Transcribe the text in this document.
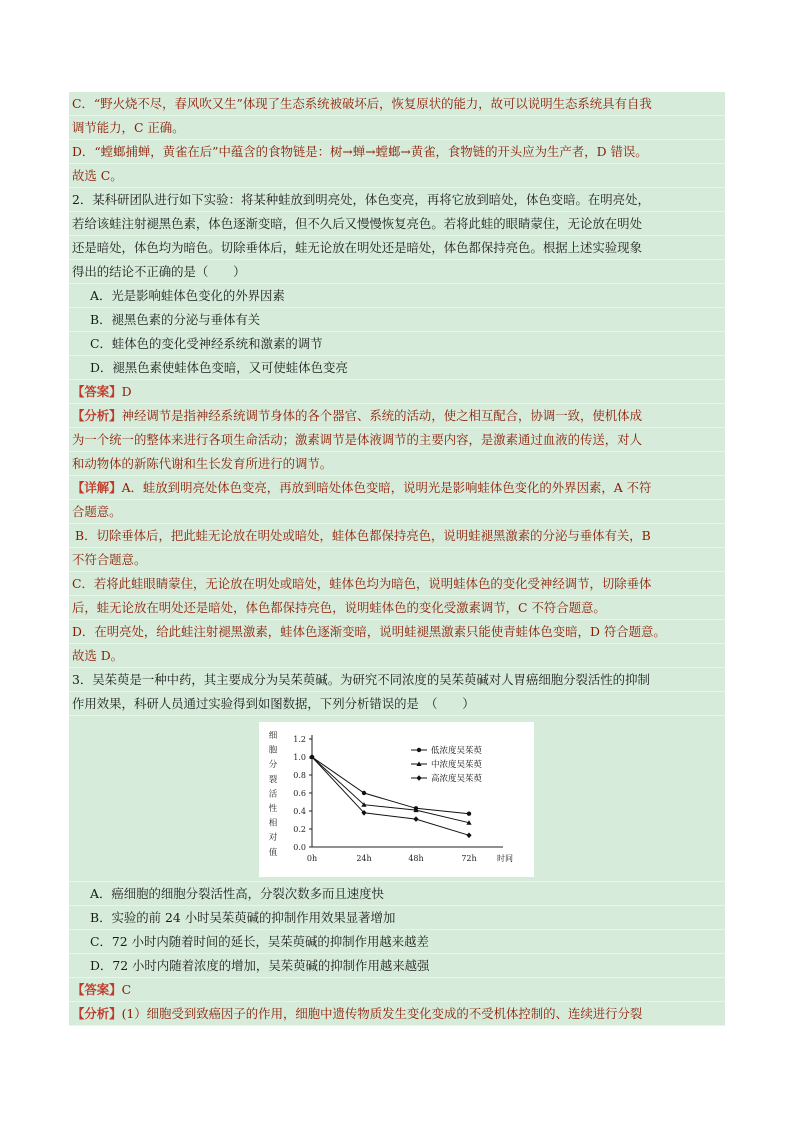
C．“野火烧不尽，春风吹又生”体现了生态系统被破坏后，恢复原状的能力，故可以说明生态系统具有自我
调节能力，C 正确。
D．“螳螂捕蝉，黄雀在后”中蕴含的食物链是：树→蝉→螳螂→黄雀，食物链的开头应为生产者，D 错误。
故选 C。
2．某科研团队进行如下实验：将某种蛙放到明亮处，体色变亮，再将它放到暗处，体色变暗。在明亮处，
若给该蛙注射褪黑色素，体色逐渐变暗，但不久后又慢慢恢复亮色。若将此蛙的眼睛蒙住，无论放在明处
还是暗处，体色均为暗色。切除垂体后，蛙无论放在明处还是暗处，体色都保持亮色。根据上述实验现象
得出的结论不正确的是（　　）
A．光是影响蛙体色变化的外界因素
B．褪黑色素的分泌与垂体有关
C．蛙体色的变化受神经系统和激素的调节
D．褪黑色素使蛙体色变暗，又可使蛙体色变亮
【答案】D
【分析】神经调节是指神经系统调节身体的各个器官、系统的活动，使之相互配合，协调一致，使机体成
为一个统一的整体来进行各项生命活动；激素调节是体液调节的主要内容，是激素通过血液的传送，对人
和动物体的新陈代谢和生长发育所进行的调节。
【详解】A．蛙放到明亮处体色变亮，再放到暗处体色变暗，说明光是影响蛙体色变化的外界因素，A 不符
合题意。
B．切除垂体后，把此蛙无论放在明处或暗处，蛙体色都保持亮色，说明蛙褪黑激素的分泌与垂体有关，B
不符合题意。
C．若将此蛙眼睛蒙住，无论放在明处或暗处，蛙体色均为暗色，说明蛙体色的变化受神经调节，切除垂体
后，蛙无论放在明处还是暗处，体色都保持亮色，说明蛙体色的变化受激素调节，C 不符合题意。
D．在明亮处，给此蛙注射褪黑激素，蛙体色逐渐变暗，说明蛙褪黑激素只能使青蛙体色变暗，D 符合题意。
故选 D。
3．吴茱萸是一种中药，其主要成分为吴茱萸碱。为研究不同浓度的吴茱萸碱对人胃癌细胞分裂活性的抑制
作用效果，科研人员通过实验得到如图数据，下列分析错误的是　（　　）
0.0
0.2
0.4
0.6
0.8
1.0
1.2
0h	24h	48h	72h	时间
细
胞
分
裂
活
性
相
对
值
低浓度吴茱萸
中浓度吴茱萸
高浓度吴茱萸
A．癌细胞的细胞分裂活性高，分裂次数多而且速度快
B．实验的前 24 小时吴茱萸碱的抑制作用效果显著增加
C．72 小时内随着时间的延长，吴茱萸碱的抑制作用越来越差
D．72 小时内随着浓度的增加，吴茱萸碱的抑制作用越来越强
【答案】C
【分析】(1）细胞受到致癌因子的作用，细胞中遗传物质发生变化变成的不受机体控制的、连续进行分裂
